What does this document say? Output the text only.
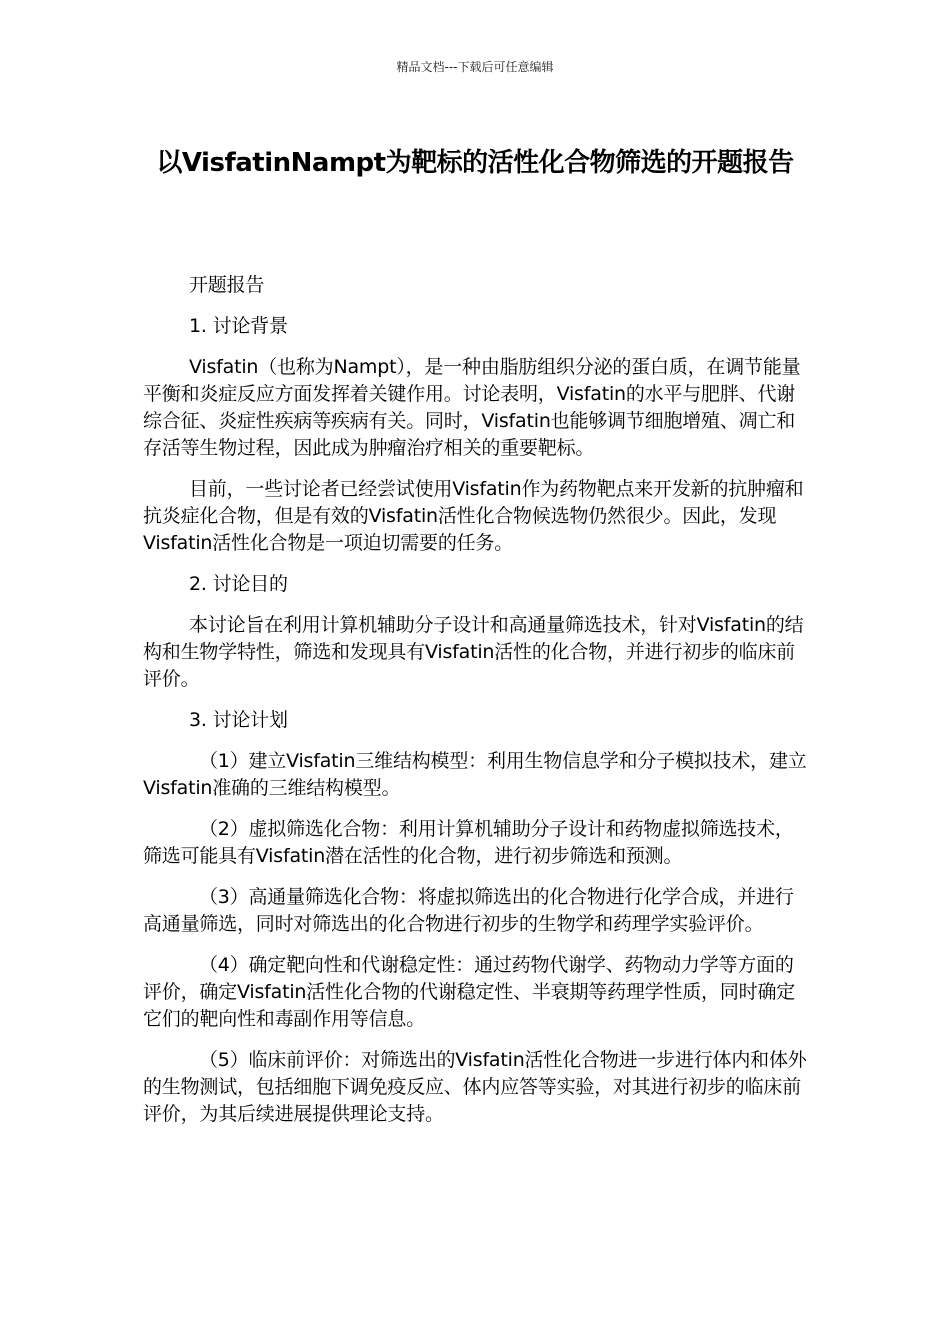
精品文档---下载后可任意编辑
以VisfatinNampt为靶标的活性化合物筛选的开题报告

开题报告

1. 讨论背景

Visfatin（也称为Nampt），是一种由脂肪组织分泌的蛋白质，在调节能量平衡和炎症反应方面发挥着关键作用。讨论表明，Visfatin的水平与肥胖、代谢综合征、炎症性疾病等疾病有关。同时，Visfatin也能够调节细胞增殖、凋亡和存活等生物过程，因此成为肿瘤治疗相关的重要靶标。

目前，一些讨论者已经尝试使用Visfatin作为药物靶点来开发新的抗肿瘤和抗炎症化合物，但是有效的Visfatin活性化合物候选物仍然很少。因此，发现Visfatin活性化合物是一项迫切需要的任务。

2. 讨论目的

本讨论旨在利用计算机辅助分子设计和高通量筛选技术，针对Visfatin的结构和生物学特性，筛选和发现具有Visfatin活性的化合物，并进行初步的临床前评价。

3. 讨论计划

（1）建立Visfatin三维结构模型：利用生物信息学和分子模拟技术，建立Visfatin准确的三维结构模型。

（2）虚拟筛选化合物：利用计算机辅助分子设计和药物虚拟筛选技术，筛选可能具有Visfatin潜在活性的化合物，进行初步筛选和预测。

（3）高通量筛选化合物：将虚拟筛选出的化合物进行化学合成，并进行高通量筛选，同时对筛选出的化合物进行初步的生物学和药理学实验评价。

（4）确定靶向性和代谢稳定性：通过药物代谢学、药物动力学等方面的评价，确定Visfatin活性化合物的代谢稳定性、半衰期等药理学性质，同时确定它们的靶向性和毒副作用等信息。

（5）临床前评价：对筛选出的Visfatin活性化合物进一步进行体内和体外的生物测试，包括细胞下调免疫反应、体内应答等实验，对其进行初步的临床前评价，为其后续进展提供理论支持。
